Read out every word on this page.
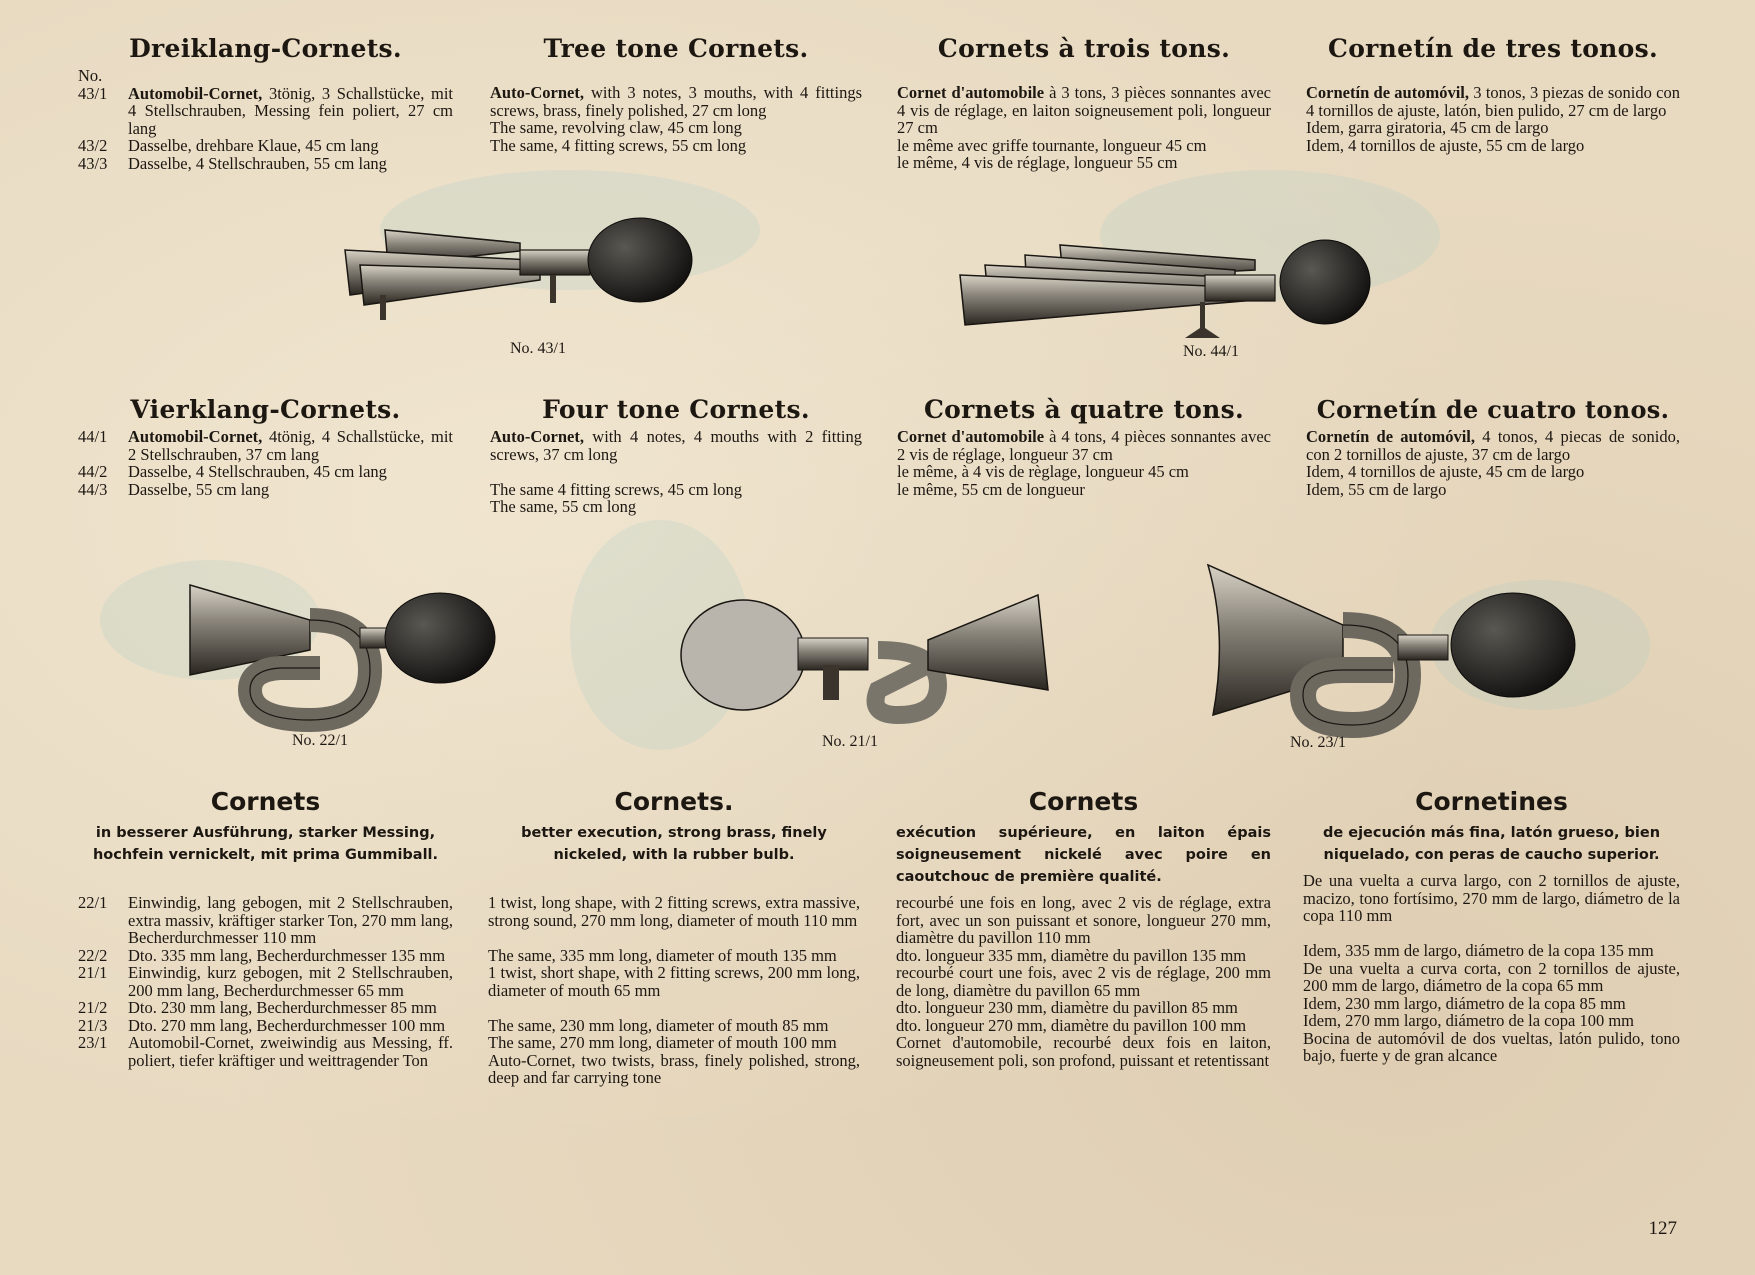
Dreiklang-Cornets.
No.
43/1	Automobil-Cornet, 3tönig, 3 Schallstücke, mit 4 Stellschrauben, Messing fein poliert, 27 cm lang
43/2	Dasselbe, drehbare Klaue, 45 cm lang
43/3	Dasselbe, 4 Stellschrauben, 55 cm lang
Tree tone Cornets.
Auto-Cornet, with 3 notes, 3 mouths, with 4 fittings screws, brass, finely polished, 27 cm long
The same, revolving claw, 45 cm long
The same, 4 fitting screws, 55 cm long
Cornets à trois tons.
Cornet d'automobile à 3 tons, 3 pièces sonnantes avec 4 vis de réglage, en laiton soigneusement poli, longueur 27 cm
le même avec griffe tournante, longueur 45 cm
le même, 4 vis de réglage, longueur 55 cm
Cornetín de tres tonos.
Cornetín de automóvil, 3 tonos, 3 piezas de sonido con 4 tornillos de ajuste, latón, bien pulido, 27 cm de largo
Idem, garra giratoria, 45 cm de largo
Idem, 4 tornillos de ajuste, 55 cm de largo
No. 43/1	No. 44/1
Vierklang-Cornets.
44/1	Automobil-Cornet, 4tönig, 4 Schallstücke, mit 2 Stellschrauben, 37 cm lang
44/2	Dasselbe, 4 Stellschrauben, 45 cm lang
44/3	Dasselbe, 55 cm lang
Four tone Cornets.
Auto-Cornet, with 4 notes, 4 mouths with 2 fitting screws, 37 cm long
The same 4 fitting screws, 45 cm long
The same, 55 cm long
Cornets à quatre tons.
Cornet d'automobile à 4 tons, 4 pièces sonnantes avec 2 vis de réglage, longueur 37 cm
le même, à 4 vis de règlage, longueur 45 cm
le même, 55 cm de longueur
Cornetín de cuatro tonos.
Cornetín de automóvil, 4 tonos, 4 piecas de sonido, con 2 tornillos de ajuste, 37 cm de largo
Idem, 4 tornillos de ajuste, 45 cm de largo
Idem, 55 cm de largo
No. 22/1	No. 21/1	No. 23/1
Cornets
in besserer Ausführung, starker Messing, hochfein vernickelt, mit prima Gummiball.
22/1	Einwindig, lang gebogen, mit 2 Stellschrauben, extra massiv, kräftiger starker Ton, 270 mm lang, Becherdurchmesser 110 mm
22/2	Dto. 335 mm lang, Becherdurchmesser 135 mm
21/1	Einwindig, kurz gebogen, mit 2 Stellschrauben, 200 mm lang, Becherdurchmesser 65 mm
21/2	Dto. 230 mm lang, Becherdurchmesser 85 mm
21/3	Dto. 270 mm lang, Becherdurchmesser 100 mm
23/1	Automobil-Cornet, zweiwindig aus Messing, ff. poliert, tiefer kräftiger und weittragender Ton
Cornets.
better execution, strong brass, finely nickeled, with la rubber bulb.
1 twist, long shape, with 2 fitting screws, extra massive, strong sound, 270 mm long, diameter of mouth 110 mm
The same, 335 mm long, diameter of mouth 135 mm
1 twist, short shape, with 2 fitting screws, 200 mm long, diameter of mouth 65 mm
The same, 230 mm long, diameter of mouth 85 mm
The same, 270 mm long, diameter of mouth 100 mm
Auto-Cornet, two twists, brass, finely polished, strong, deep and far carrying tone
Cornets
exécution supérieure, en laiton épais soigneusement nickelé avec poire en caoutchouc de première qualité.
recourbé une fois en long, avec 2 vis de réglage, extra fort, avec un son puissant et sonore, longueur 270 mm, diamètre du pavillon 110 mm
dto. longueur 335 mm, diamètre du pavillon 135 mm
recourbé court une fois, avec 2 vis de réglage, 200 mm de long, diamètre du pavillon 65 mm
dto. longueur 230 mm, diamètre du pavillon 85 mm
dto. longueur 270 mm, diamètre du pavillon 100 mm
Cornet d'automobile, recourbé deux fois en laiton, soigneusement poli, son profond, puissant et retentissant
Cornetines
de ejecución más fina, latón grueso, bien niquelado, con peras de caucho superior.
De una vuelta a curva largo, con 2 tornillos de ajuste, macizo, tono fortísimo, 270 mm de largo, diámetro de la copa 110 mm
Idem, 335 mm de largo, diámetro de la copa 135 mm
De una vuelta a curva corta, con 2 tornillos de ajuste, 200 mm de largo, diámetro de la copa 65 mm
Idem, 230 mm largo, diámetro de la copa 85 mm
Idem, 270 mm largo, diámetro de la copa 100 mm
Bocina de automóvil de dos vueltas, latón pulido, tono bajo, fuerte y de gran alcance
127
